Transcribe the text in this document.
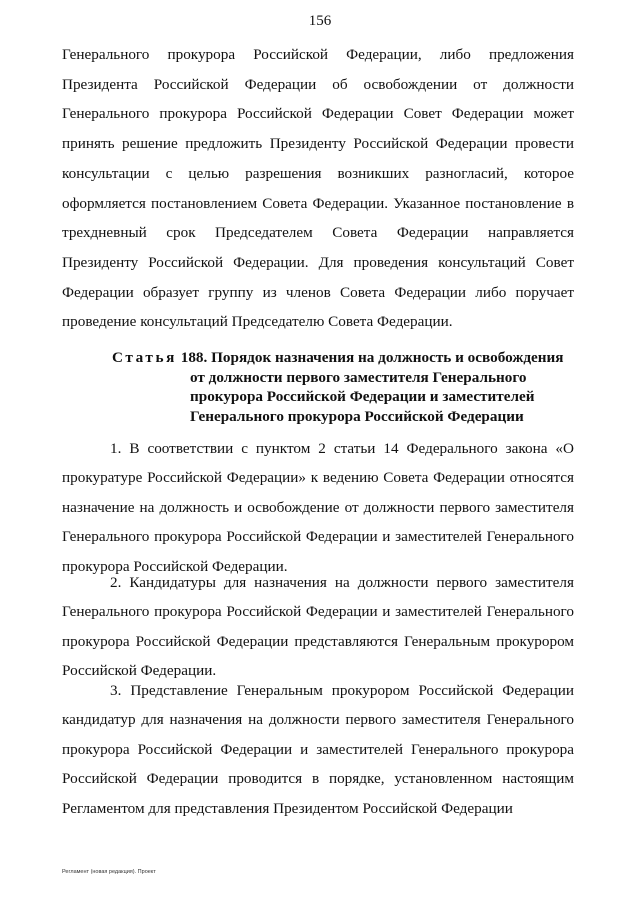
156

Генерального прокурора Российской Федерации, либо предложения Президента Российской Федерации об освобождении от должности Генерального прокурора Российской Федерации Совет Федерации может принять решение предложить Президенту Российской Федерации провести консультации с целью разрешения возникших разногласий, которое оформляется постановлением Совета Федерации. Указанное постановление в трехдневный срок Председателем Совета Федерации направляется Президенту Российской Федерации. Для проведения консультаций Совет Федерации образует группу из членов Совета Федерации либо поручает проведение консультаций Председателю Совета Федерации.

Статья 188. Порядок назначения на должность и освобождения
от должности первого заместителя Генерального
прокурора Российской Федерации и заместителей
Генерального прокурора Российской Федерации

1. В соответствии с пунктом 2 статьи 14 Федерального закона «О прокуратуре Российской Федерации» к ведению Совета Федерации относятся назначение на должность и освобождение от должности первого заместителя Генерального прокурора Российской Федерации и заместителей Генерального прокурора Российской Федерации.

2. Кандидатуры для назначения на должности первого заместителя Генерального прокурора Российской Федерации и заместителей Генерального прокурора Российской Федерации представляются Генеральным прокурором Российской Федерации.

3. Представление Генеральным прокурором Российской Федерации кандидатур для назначения на должности первого заместителя Генерального прокурора Российской Федерации и заместителей Генерального прокурора Российской Федерации проводится в порядке, установленном настоящим Регламентом для представления Президентом Российской Федерации

Регламент (новая редакция). Проект
